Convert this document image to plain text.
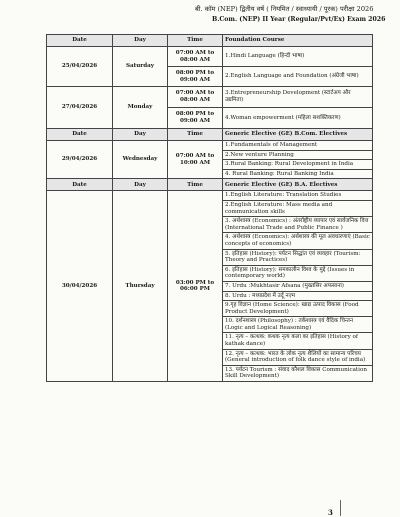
बी. कॉम (NEP) द्वितीय वर्ष ( नियमित / स्वाध्यायी / पूरक) परीक्षा 2026
B.Com. (NEP) II Year (Regular/Pvt/Ex) Exam 2026
Date	Day	Time	Foundation Course
25/04/2026	Saturday	07:00 AM to 08:00 AM	1.Hindi Language (हिन्दी भाषा)
		08:00 PM to 09:00 AM	2.English Language and Foundation (अंग्रेजी भाषा)
27/04/2026	Monday	07:00 AM to 08:00 AM	3.Entrepreneurship Development (स्टार्टअप और उद्यमिता)
		08:00 PM to 09:00 AM	4.Woman empowerment (महिला सशक्तिकरण)
Date	Day	Time	Generic Elective (GE) B.Com. Electives
29/04/2026	Wednesday	07:00 AM to 10:00 AM	1.Fundamentals of Management
			2.New venture Planning
			3.Rural Banking: Rural Development in India
			4. Rural Banking: Rural Banking India
Date	Day	Time	Generic Elective (GE) B.A. Electives
30/04/2026	Thursday	03:00 PM to 06:00 PM	1.English Literature: Translation Studies
			2.English Literature: Mass media and communication skills
			3. अर्थशास्त्र (Economics) : अंतर्राष्ट्रीय व्यापार एवं सार्वजनिक वित्त (International Trade and Public Finance )
			4. अर्थशास्त्र (Economics): अर्थशास्त्र की मूल अवधारणाएं (Basic concepts of economics)
			5. इतिहास (History): पर्यटन सिद्धांत एवं व्यवहार (Tourism: Theory and Practices)
			6. इतिहास (History): समकालीन विश्व के मुद्दे (Issues in contemporary world)
			7. Urdu :Mukhtasir Afsana (मुख्तसिर अफसाना)
			8. Urdu : मध्यप्रदेश में उर्दू नज़्म
			9.गृह विज्ञान (Home Science): खाद्य उत्पाद विकास (Food Product Development)
			10. दर्शनशास्त्र (Philosophy) : तर्कशास्त्र एवं वैदिक चिन्तन (Logic and Logical Reasoning)
			11. नृत्य – कत्थक: कथक नृत्य कला का इतिहास (History of kathak dance)
			12. नृत्य – कत्थक: भारत के लोक नृत्य शैलियों का सामान्य परिचय (General introduction of folk dance style of india)
			13. पर्यटन Tourism : संवाद कौशल विकास Communication Skill Development)
3
